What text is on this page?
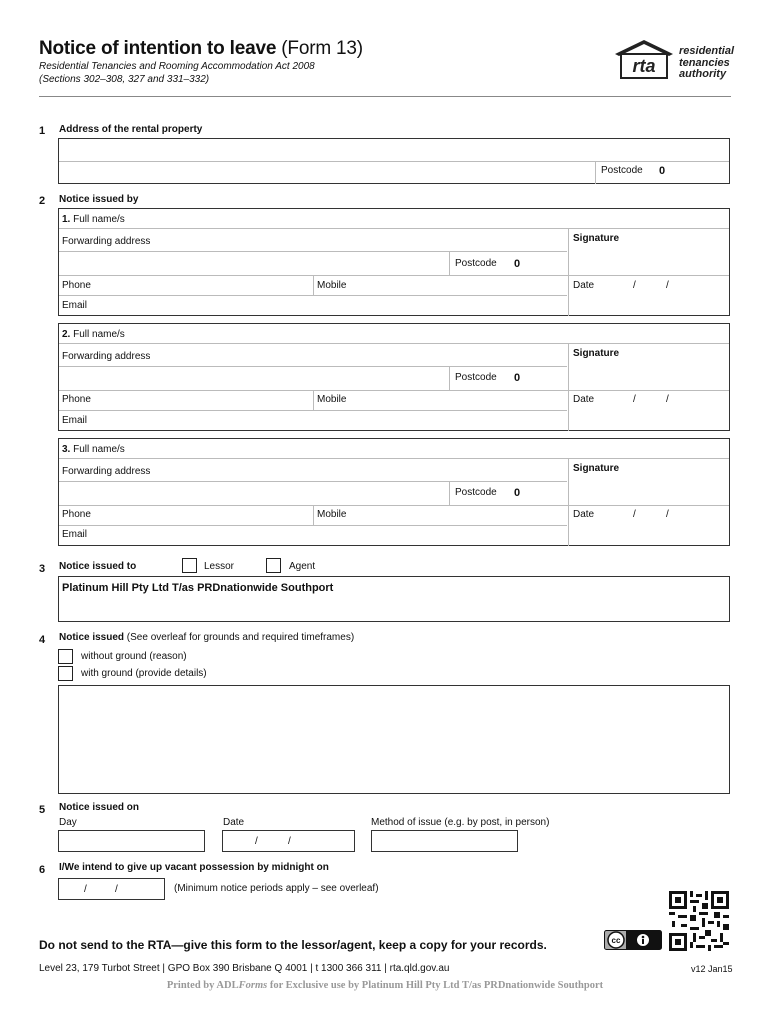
Notice of intention to leave (Form 13)
Residential Tenancies and Rooming Accommodation Act 2008
(Sections 302–308, 327 and 331–332)
rta
residential
tenancies
authority
1 Address of the rental property
Postcode 0
2 Notice issued by
1. Full name/s
Forwarding address
Postcode 0
Signature
Phone	Mobile	Date	/	/
Email
2. Full name/s
Forwarding address
Postcode 0
Signature
Phone	Mobile	Date	/	/
Email
3. Full name/s
Forwarding address
Postcode 0
Signature
Phone	Mobile	Date	/	/
Email
3 Notice issued to	Lessor	Agent
Platinum Hill Pty Ltd T/as PRDnationwide Southport
4 Notice issued (See overleaf for grounds and required timeframes)
without ground (reason)
with ground (provide details)
5 Notice issued on
Day	Date	Method of issue (e.g. by post, in person)
/	/
6 I/We intend to give up vacant possession by midnight on
/	/	(Minimum notice periods apply – see overleaf)
cc
Do not send to the RTA—give this form to the lessor/agent, keep a copy for your records.
Level 23, 179 Turbot Street | GPO Box 390 Brisbane Q 4001 | t 1300 366 311 | rta.qld.gov.au	v12 Jan15
Printed by ADLForms for Exclusive use by Platinum Hill Pty Ltd T/as PRDnationwide Southport
